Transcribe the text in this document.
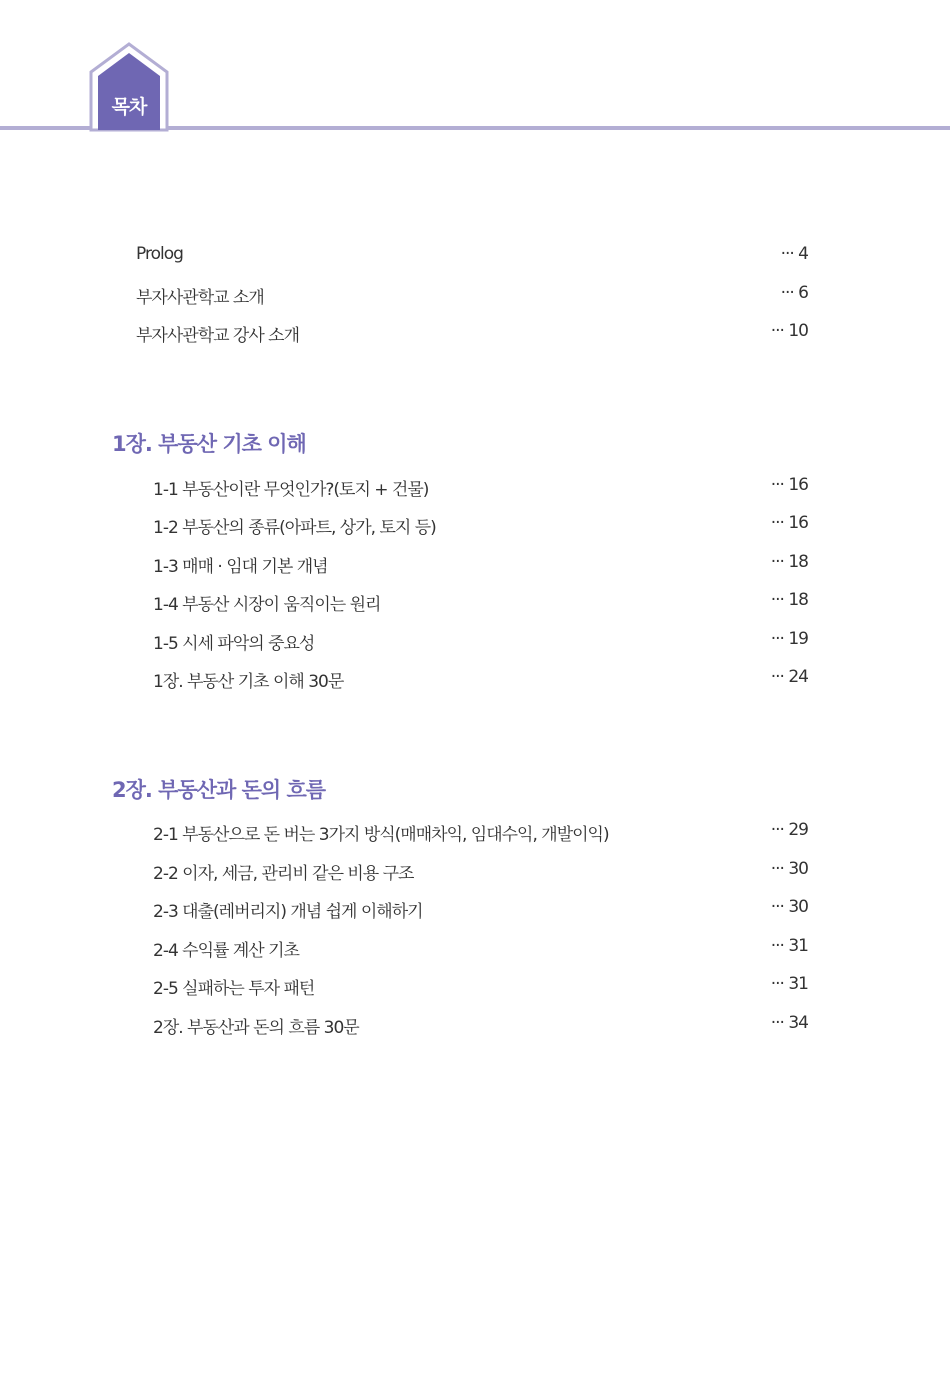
목차
Prolog	··· 4
부자사관학교 소개	··· 6
부자사관학교 강사 소개	··· 10
1장. 부동산 기초 이해
1-1 부동산이란 무엇인가?(토지 + 건물)	··· 16
1-2 부동산의 종류(아파트, 상가, 토지 등)	··· 16
1-3 매매 · 임대 기본 개념	··· 18
1-4 부동산 시장이 움직이는 원리	··· 18
1-5 시세 파악의 중요성	··· 19
1장. 부동산 기초 이해 30문	··· 24
2장. 부동산과 돈의 흐름
2-1 부동산으로 돈 버는 3가지 방식(매매차익, 임대수익, 개발이익)	··· 29
2-2 이자, 세금, 관리비 같은 비용 구조	··· 30
2-3 대출(레버리지) 개념 쉽게 이해하기	··· 30
2-4 수익률 계산 기초	··· 31
2-5 실패하는 투자 패턴	··· 31
2장. 부동산과 돈의 흐름 30문	··· 34
